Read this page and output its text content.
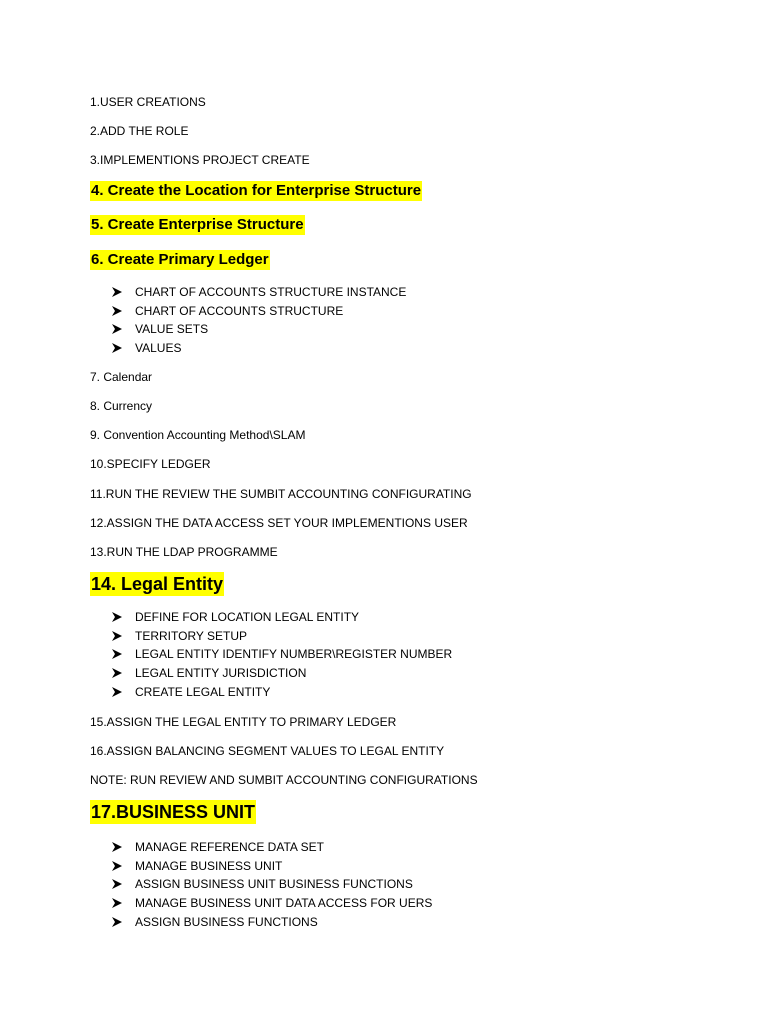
1.USER CREATIONS
2.ADD THE ROLE
3.IMPLEMENTIONS PROJECT CREATE
4. Create the Location for Enterprise Structure
5. Create Enterprise Structure
6. Create Primary Ledger
CHART OF ACCOUNTS STRUCTURE INSTANCE
CHART OF ACCOUNTS STRUCTURE
VALUE SETS
VALUES
7. Calendar
8. Currency
9. Convention Accounting Method\SLAM
10.SPECIFY LEDGER
11.RUN THE REVIEW THE SUMBIT ACCOUNTING CONFIGURATING
12.ASSIGN THE DATA ACCESS SET YOUR IMPLEMENTIONS USER
13.RUN THE LDAP PROGRAMME
14. Legal Entity
DEFINE FOR LOCATION LEGAL ENTITY
TERRITORY SETUP
LEGAL ENTITY IDENTIFY NUMBER\REGISTER NUMBER
LEGAL ENTITY JURISDICTION
CREATE LEGAL ENTITY
15.ASSIGN THE LEGAL ENTITY TO PRIMARY LEDGER
16.ASSIGN BALANCING SEGMENT VALUES TO LEGAL ENTITY
NOTE: RUN REVIEW AND SUMBIT ACCOUNTING CONFIGURATIONS
17.BUSINESS UNIT
MANAGE REFERENCE DATA SET
MANAGE BUSINESS UNIT
ASSIGN BUSINESS UNIT BUSINESS FUNCTIONS
MANAGE BUSINESS UNIT DATA ACCESS FOR UERS
ASSIGN BUSINESS FUNCTIONS
